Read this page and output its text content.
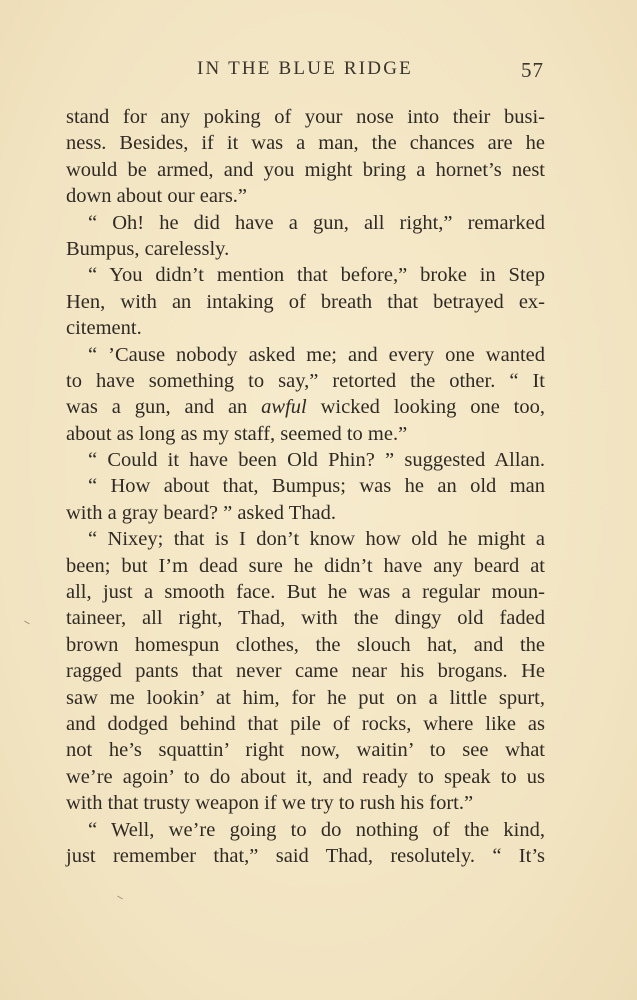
IN THE BLUE RIDGE	57
stand for any poking of your nose into their busi-
ness. Besides, if it was a man, the chances are he
would be armed, and you might bring a hornet’s nest
down about our ears.”
“ Oh! he did have a gun, all right,” remarked
Bumpus, carelessly.
“ You didn’t mention that before,” broke in Step
Hen, with an intaking of breath that betrayed ex-
citement.
“ ’Cause nobody asked me; and every one wanted
to have something to say,” retorted the other. “ It
was a gun, and an awful wicked looking one too,
about as long as my staff, seemed to me.”
“ Could it have been Old Phin? ” suggested Allan.
“ How about that, Bumpus; was he an old man
with a gray beard? ” asked Thad.
“ Nixey; that is I don’t know how old he might a
been; but I’m dead sure he didn’t have any beard at
all, just a smooth face. But he was a regular moun-
taineer, all right, Thad, with the dingy old faded
brown homespun clothes, the slouch hat, and the
ragged pants that never came near his brogans. He
saw me lookin’ at him, for he put on a little spurt,
and dodged behind that pile of rocks, where like as
not he’s squattin’ right now, waitin’ to see what
we’re agoin’ to do about it, and ready to speak to us
with that trusty weapon if we try to rush his fort.”
“ Well, we’re going to do nothing of the kind,
just remember that,” said Thad, resolutely. “ It’s
